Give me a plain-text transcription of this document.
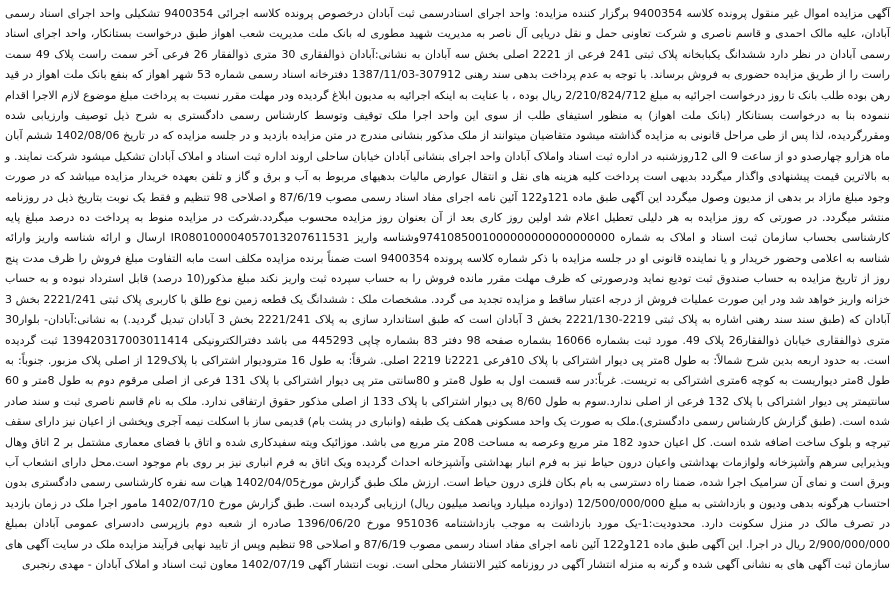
آگهی مزایده اموال غیر منقول پرونده کلاسه 9400354 برگزار کننده مزایده: واحد اجرای اسنادرسمی ثبت آبادان درخصوص پرونده کلاسه اجرائی 9400354 تشکیلی واحد اجرای اسناد رسمی آبادان، علیه مالک احمدی و قاسم ناصری و شرکت تعاونی حمل و نقل دریایی آل ناصر به مدیریت شهید مطوری له بانک ملت مدیریت شعب اهواز طبق درخواست بستانکار، واحد اجرای اسناد رسمی آبادان در نظر دارد ششدانگ یکبابخانه پلاک ثبتی 241 فرعی از 2221 اصلی بخش سه آبادان به نشانی:آبادان ذوالفقاری 30 متری ذوالفقار 26 فرعی آخر سمت راست پلاک 49 سمت راست را از طریق مزایده حضوری به فروش برساند. با توجه به عدم پرداخت بدهی سند رهنی 307912-1387/11/03 دفترخانه اسناد رسمی شماره 53 شهر اهواز که بنفع بانک ملت اهواز در قید رهن بوده طلب بانک تا روز درخواست اجرائیه به مبلغ 2/210/824/712 ریال بوده ، با عنایت به اینکه اجرائیه به مدیون ابلاغ گردیده ودر مهلت مقرر نسبت به پرداخت مبلغ موضوع لازم الاجرا اقدام ننموده بنا به درخواست بستانکار (بانک ملت اهواز) به منظور استیفای طلب از سوی این واحد اجرا ملک توقیف وتوسط کارشناس رسمی دادگستری به شرح ذیل توصیف وارزیابی شده ومقررگردیده، لذا پس از طی مراحل قانونی به مزایده گذاشته میشود متقاضیان میتوانند از ملک مذکور بنشانی مندرج در متن مزایده بازدید و در جلسه مزایده که در تاریخ 1402/08/06 ششم آبان ماه هزارو چهارصدو دو از ساعت 9 الی 12روزشنبه در اداره ثبت اسناد واملاک آبادان واحد اجرای بنشانی آبادان خیابان ساحلی اروند اداره ثبت اسناد و املاک آبادان تشکیل میشود شرکت نمایند. و به بالاترین قیمت پیشنهادی واگذار میگردد بدیهی است پرداخت کلیه هزینه های نقل و انتقال عوارض مالیات بدهیهای مربوط به آب و برق و گاز و تلفن بعهده خریدار مزایده میباشد که در صورت وجود مبلغ مازاد بر بدهی از مدیون وصول میگردد این آگهی طبق ماده 121و122 آئین نامه اجرای مفاد اسناد رسمی مصوب 87/6/19 و اصلاحی 98 تنظیم و فقط یک نوبت بتاریخ ذیل در روزنامه منتشر میگردد. در صورتی که روز مزایده به هر دلیلی تعطیل اعلام شد اولین روز کاری بعد از آن بعنوان روز مزایده محسوب میگردد.شرکت در مزایده منوط به پرداخت ده درصد مبلغ پایه کارشناسی بحساب سازمان ثبت اسناد و املاک به شماره 9741085001000000000000000000وشناسه واریز IR080100004057013207611531 ارسال و ارائه شناسه واریز وارائه شناسه به اعلامی وحضور خریدار و یا نماینده قانونی او در جلسه مزایده با ذکر شماره کلاسه پرونده 9400354 است ضمناً برنده مزایده مکلف است مابه التفاوت مبلغ فروش را ظرف مدت پنج روز از تاریخ مزایده به حساب صندوق ثبت تودیع نماید ودرصورتی که ظرف مهلت مقرر مانده فروش را به حساب سپرده ثبت واریز نکند مبلغ مذکور(10 درصد) قابل استرداد نبوده و به حساب خزانه واریز خواهد شد ودر این صورت عملیات فروش از درجه اعتبار ساقط و مزایده تجدید می گردد. مشخصات ملک : ششدانگ یک قطعه زمین نوع طلق با کاربری پلاک ثبتی 2221/241 بخش 3 آبادان که (طبق سند سند رهنی اشاره به پلاک ثبتی 2219-2221/130 بخش 3 آبادان است که طبق استاندارد سازی به پلاک 2221/241 بخش 3 آبادان تبدیل گردید.) به نشانی:آبادان- بلوار30 متری ذوالفقاری خیابان ذوالفقار26 پلاک 49. مورد ثبت بشماره 16066 بشماره صفحه 98 دفتر 83 بشماره چاپی 445293 می باشد دفترالکترونیکی 139420317003011414 ثبت گردیده است. به حدود اربعه بدین شرح شمالاً: به طول 8متر پی دیوار اشتراکی با پلاک 10فرعی 2221تا 2219 اصلی. شرقاً: به طول 16 مترودیوار اشتراکی با پلاک129 از اصلی پلاک مزبور. جنوباً: به طول 8متر دیواریست به کوچه 6متری اشتراکی به تریست. غرباً:در سه قسمت اول به طول 8متر و 80سانتی متر پی دیوار اشتراکی با پلاک 131 فرعی از اصلی مرقوم دوم به طول 8متر و 60 سانتیمتر پی دیوار اشتراکی با پلاک 132 فرعی از اصلی ندارد.سوم به طول 8/60 پی دیوار اشتراکی با پلاک 133 از اصلی مذکور حقوق ارتفاقی ندارد. ملک به نام قاسم ناصری ثبت و سند صادر شده است. (طبق گزارش کارشناس رسمی دادگستری).ملک به صورت یک واحد مسکونی همکف یک طبقه (وانباری در پشت بام) قدیمی ساز با اسکلت نیمه آجری ویخشی از اعیان نیز دارای سقف تیرچه و بلوک ساخت اضافه شده است. کل اعیان حدود 182 متر مربع وعرصه به مساحت 208 متر مربع می باشد. موزائیک ویته سفیدکاری شده و اتاق با فضای معماری مشتمل بر 2 اتاق وهال ویذیرایی سرهم وآشپزخانه ولوازمات بهداشتی واعیان درون حیاط نیز به فرم انبار بهداشتی وآشپزخانه احداث گردیده ویک اتاق به فرم انباری نیز بر روی بام موجود است.محل دارای انشعاب آب وبرق است و نمای آن سرامیک اجرا شده، ضمنا راه دسترسی به بام بکان فلزی درون حیاط است. ارزش ملک طبق گزارش مورخ1402/04/05 هیات سه نفره کارشناسی رسمی دادگستری بدون احتساب هرگونه بدهی ودیون و بازداشتی به مبلغ 12/500/000/000 (دوازده میلیارد وپانصد میلیون ریال) ارزیابی گردیده است. طبق گزارش مورخ 1402/07/10 مامور اجرا ملک در زمان بازدید در تصرف مالک در منزل سکونت دارد. محدودیت:1-یک مورد بازداشت به موجب بازداشتنامه 951036 مورخ 1396/06/20 صادره از شعبه دوم بازپرسی دادسرای عمومی آبادان بمبلغ 2/900/000/000 ریال در اجرا. این آگهی طبق ماده 121و122 آئین نامه اجرای مفاد اسناد رسمی مصوب 87/6/19 و اصلاحی 98 تنظیم وپس از تایید نهایی فرآیند مزایده ملک در سایت آگهی های سازمان ثبت آگهی های به نشانی آگهی شده و گرنه به منزله انتشار آگهی در روزنامه کثیر الانتشار محلی است. نوبت انتشار آگهی 1402/07/19 معاون ثبت اسناد و املاک آبادان - مهدی رنجبری
